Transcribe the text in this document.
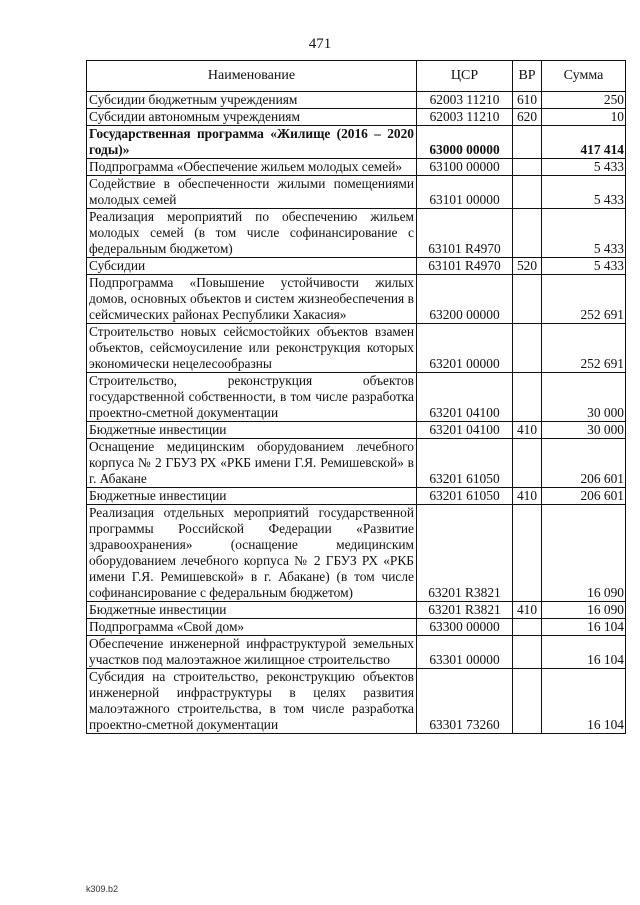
471
Наименование	ЦСР	ВР	Сумма
Субсидии бюджетным учреждениям	62003 11210	610	250
Субсидии автономным учреждениям	62003 11210	620	10
Государственная программа «Жилище (2016 – 2020 годы)»	63000 00000		417 414
Подпрограмма «Обеспечение жильем молодых семей»	63100 00000		5 433
Содействие в обеспеченности жилыми помещениями молодых семей	63101 00000		5 433
Реализация мероприятий по обеспечению жильем молодых семей (в том числе софинансирование с федеральным бюджетом)	63101 R4970		5 433
Субсидии	63101 R4970	520	5 433
Подпрограмма «Повышение устойчивости жилых домов, основных объектов и систем жизнеобеспечения в сейсмических районах Республики Хакасия»	63200 00000		252 691
Строительство новых сейсмостойких объектов взамен объектов, сейсмоусиление или реконструкция которых экономически нецелесообразны	63201 00000		252 691
Строительство, реконструкция объектов государственной собственности, в том числе разработка проектно-сметной документации	63201 04100		30 000
Бюджетные инвестиции	63201 04100	410	30 000
Оснащение медицинским оборудованием лечебного корпуса № 2 ГБУЗ РХ «РКБ имени Г.Я. Ремишевской» в г. Абакане	63201 61050		206 601
Бюджетные инвестиции	63201 61050	410	206 601
Реализация отдельных мероприятий государственной программы Российской Федерации «Развитие здравоохранения» (оснащение медицинским оборудованием лечебного корпуса № 2 ГБУЗ РХ «РКБ имени Г.Я. Ремишевской» в г. Абакане) (в том числе софинансирование с федеральным бюджетом)	63201 R3821		16 090
Бюджетные инвестиции	63201 R3821	410	16 090
Подпрограмма «Свой дом»	63300 00000		16 104
Обеспечение инженерной инфраструктурой земельных участков под малоэтажное жилищное строительство	63301 00000		16 104
Субсидия на строительство, реконструкцию объектов инженерной инфраструктуры в целях развития малоэтажного строительства, в том числе разработка проектно-сметной документации	63301 73260		16 104
k309.b2
